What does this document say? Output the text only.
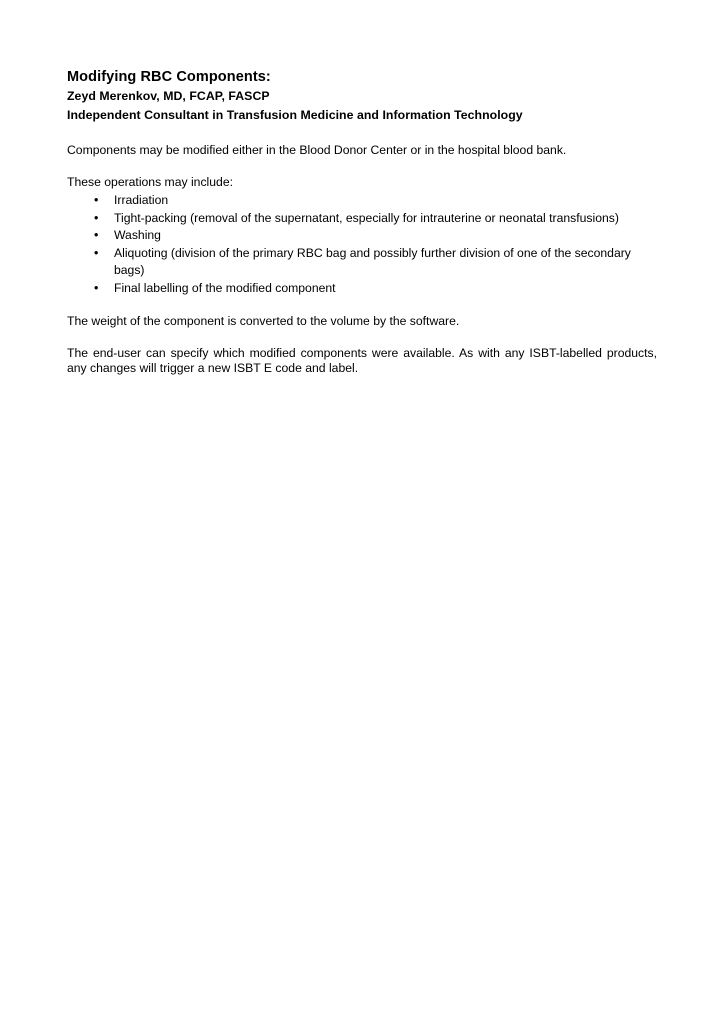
Modifying RBC Components:
Zeyd Merenkov, MD, FCAP, FASCP
Independent Consultant in Transfusion Medicine and Information Technology

Components may be modified either in the Blood Donor Center or in the hospital blood bank.

These operations may include:

• Irradiation
• Tight-packing (removal of the supernatant, especially for intrauterine or neonatal transfusions)
• Washing
• Aliquoting (division of the primary RBC bag and possibly further division of one of the secondary bags)
• Final labelling of the modified component

The weight of the component is converted to the volume by the software.

The end-user can specify which modified components were available. As with any ISBT-labelled products, any changes will trigger a new ISBT E code and label.
